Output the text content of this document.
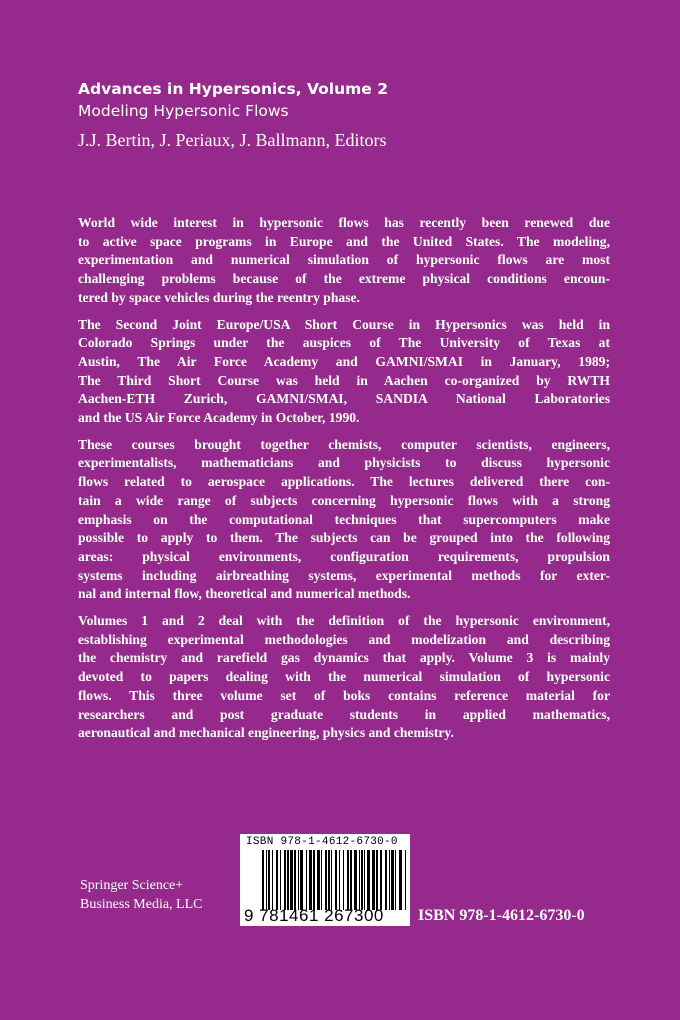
Advances in Hypersonics, Volume 2
Modeling Hypersonic Flows
J.J. Bertin, J. Periaux, J. Ballmann, Editors
World wide interest in hypersonic flows has recently been renewed due
to active space programs in Europe and the United States. The modeling,
experimentation and numerical simulation of hypersonic flows are most
challenging problems because of the extreme physical conditions encoun-
tered by space vehicles during the reentry phase.
The Second Joint Europe/USA Short Course in Hypersonics was held in
Colorado Springs under the auspices of The University of Texas at
Austin, The Air Force Academy and GAMNI/SMAI in January, 1989;
The Third Short Course was held in Aachen co-organized by RWTH
Aachen-ETH Zurich, GAMNI/SMAI, SANDIA National Laboratories
and the US Air Force Academy in October, 1990.
These courses brought together chemists, computer scientists, engineers,
experimentalists, mathematicians and physicists to discuss hypersonic
flows related to aerospace applications. The lectures delivered there con-
tain a wide range of subjects concerning hypersonic flows with a strong
emphasis on the computational techniques that supercomputers make
possible to apply to them. The subjects can be grouped into the following
areas: physical environments, configuration requirements, propulsion
systems including airbreathing systems, experimental methods for exter-
nal and internal flow, theoretical and numerical methods.
Volumes 1 and 2 deal with the definition of the hypersonic environment,
establishing experimental methodologies and modelization and describing
the chemistry and rarefield gas dynamics that apply. Volume 3 is mainly
devoted to papers dealing with the numerical simulation of hypersonic
flows. This three volume set of boks contains reference material for
researchers and post graduate students in applied mathematics,
aeronautical and mechanical engineering, physics and chemistry.
Springer Science+
Business Media, LLC
ISBN 978-1-4612-6730-0
9 781461 267300 ISBN 978-1-4612-6730-0
